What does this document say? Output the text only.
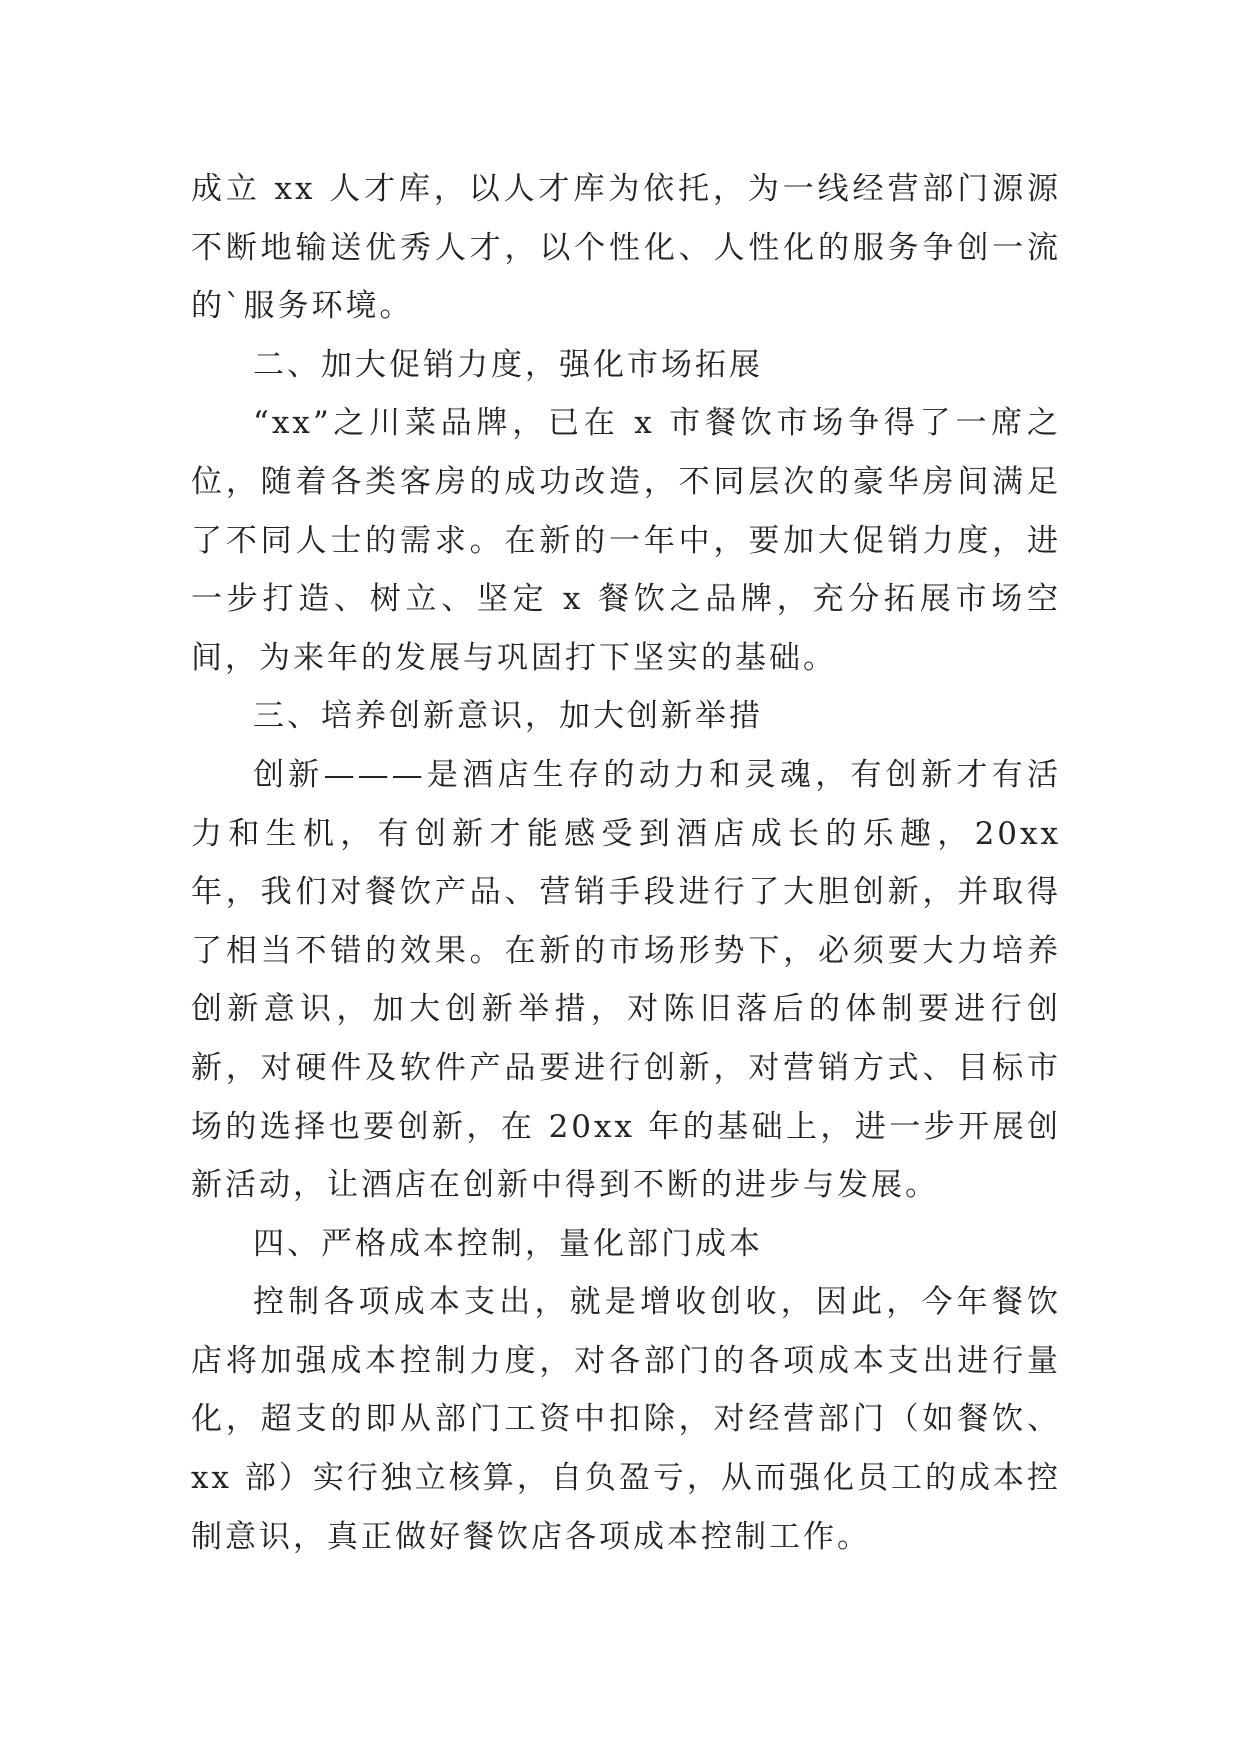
成立 xx 人才库，以人才库为依托，为一线经营部门源源不断地输送优秀人才，以个性化、人性化的服务争创一流的`服务环境。

二、加大促销力度，强化市场拓展

“xx”之川菜品牌，已在 x 市餐饮市场争得了一席之位，随着各类客房的成功改造，不同层次的豪华房间满足了不同人士的需求。在新的一年中，要加大促销力度，进一步打造、树立、坚定 x 餐饮之品牌，充分拓展市场空间，为来年的发展与巩固打下坚实的基础。

三、培养创新意识，加大创新举措

创新———是酒店生存的动力和灵魂，有创新才有活力和生机，有创新才能感受到酒店成长的乐趣，20xx 年，我们对餐饮产品、营销手段进行了大胆创新，并取得了相当不错的效果。在新的市场形势下，必须要大力培养创新意识，加大创新举措，对陈旧落后的体制要进行创新，对硬件及软件产品要进行创新，对营销方式、目标市场的选择也要创新，在 20xx 年的基础上，进一步开展创新活动，让酒店在创新中得到不断的进步与发展。

四、严格成本控制，量化部门成本

控制各项成本支出，就是增收创收，因此，今年餐饮店将加强成本控制力度，对各部门的各项成本支出进行量化，超支的即从部门工资中扣除，对经营部门（如餐饮、xx 部）实行独立核算，自负盈亏，从而强化员工的成本控制意识，真正做好餐饮店各项成本控制工作。
